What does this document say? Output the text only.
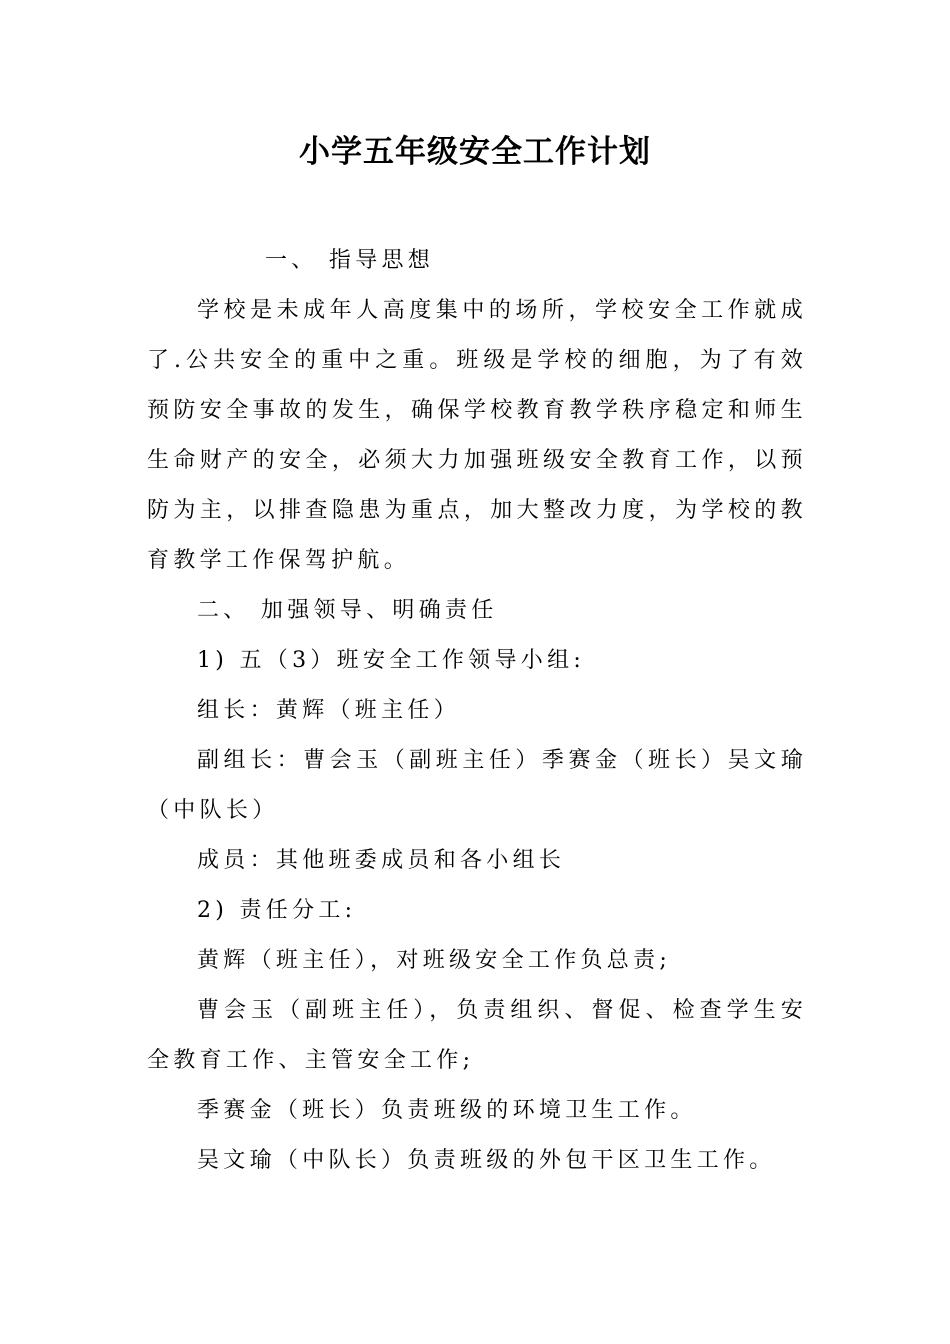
小学五年级安全工作计划

一、 指导思想

学校是未成年人高度集中的场所，学校安全工作就成了.公共安全的重中之重。班级是学校的细胞，为了有效预防安全事故的发生，确保学校教育教学秩序稳定和师生生命财产的安全，必须大力加强班级安全教育工作，以预防为主，以排查隐患为重点，加大整改力度，为学校的教育教学工作保驾护航。

二、 加强领导、明确责任

1) 五（3）班安全工作领导小组:

组长：黄辉（班主任）

副组长：曹会玉（副班主任）季赛金（班长）吴文瑜（中队长）

成员：其他班委成员和各小组长

2) 责任分工:

黄辉（班主任），对班级安全工作负总责;

曹会玉（副班主任），负责组织、督促、检查学生安全教育工作、主管安全工作;

季赛金（班长）负责班级的环境卫生工作。

吴文瑜（中队长）负责班级的外包干区卫生工作。
